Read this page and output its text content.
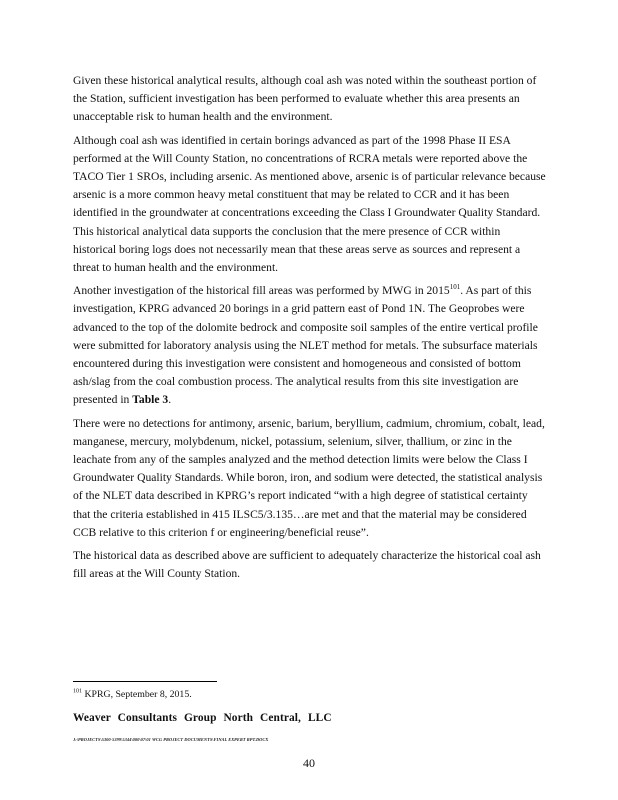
Given these historical analytical results, although coal ash was noted within the southeast portion of the Station, sufficient investigation has been performed to evaluate whether this area presents an unacceptable risk to human health and the environment.

Although coal ash was identified in certain borings advanced as part of the 1998 Phase II ESA performed at the Will County Station, no concentrations of RCRA metals were reported above the TACO Tier 1 SROs, including arsenic. As mentioned above, arsenic is of particular relevance because arsenic is a more common heavy metal constituent that may be related to CCR and it has been identified in the groundwater at concentrations exceeding the Class I Groundwater Quality Standard. This historical analytical data supports the conclusion that the mere presence of CCR within historical boring logs does not necessarily mean that these areas serve as sources and represent a threat to human health and the environment.

Another investigation of the historical fill areas was performed by MWG in 2015$^{101}$. As part of this investigation, KPRG advanced 20 borings in a grid pattern east of Pond 1N. The Geoprobes were advanced to the top of the dolomite bedrock and composite soil samples of the entire vertical profile were submitted for laboratory analysis using the NLET method for metals. The subsurface materials encountered during this investigation were consistent and homogeneous and consisted of bottom ash/slag from the coal combustion process. The analytical results from this site investigation are presented in Table 3.

There were no detections for antimony, arsenic, barium, beryllium, cadmium, chromium, cobalt, lead, manganese, mercury, molybdenum, nickel, potassium, selenium, silver, thallium, or zinc in the leachate from any of the samples analyzed and the method detection limits were below the Class I Groundwater Quality Standards. While boron, iron, and sodium were detected, the statistical analysis of the NLET data described in KPRG’s report indicated “with a high degree of statistical certainty that the criteria established in 415 ILSC5/3.135…are met and that the material may be considered CCB relative to this criterion f or engineering/beneficial reuse”.

The historical data as described above are sufficient to adequately characterize the historical coal ash fill areas at the Will County Station.

$^{101}$ KPRG, September 8, 2015.
Weaver Consultants Group North Central, LLC
J:\PROJECTS\5300-5399\5344\000\07\01 WCG PROJECT DOCUMENTS\FINAL EXPERT RPT.DOCX
40
